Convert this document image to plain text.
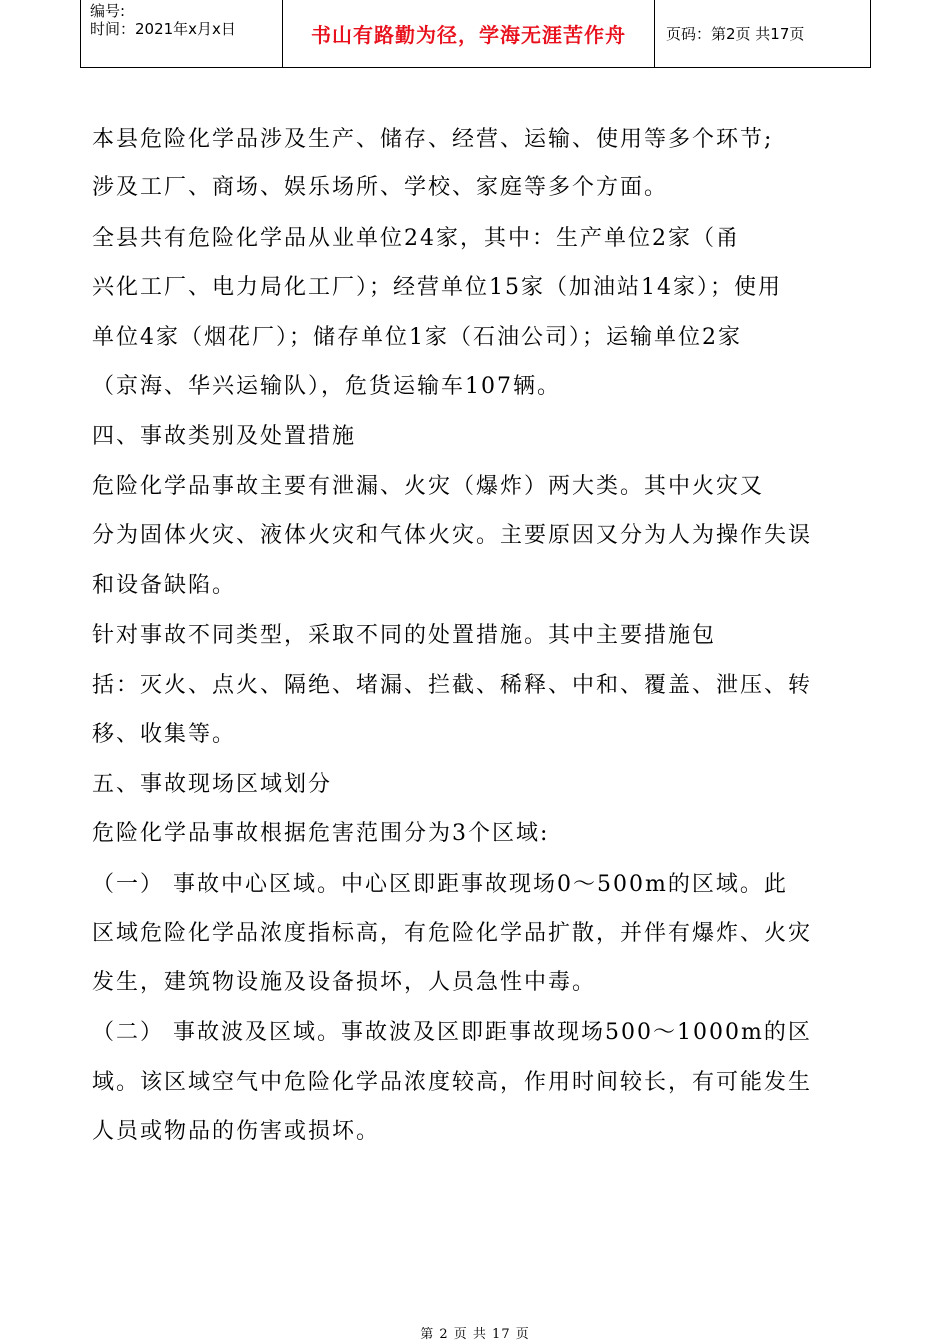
编号:
时间：2021年x月x日	书山有路勤为径，学海无涯苦作舟	页码：第2页 共17页
本县危险化学品涉及生产、储存、经营、运输、使用等多个环节;
涉及工厂、商场、娱乐场所、学校、家庭等多个方面。
全县共有危险化学品从业单位24家，其中：生产单位2家（甬
兴化工厂、电力局化工厂）；经营单位15家（加油站14家）；使用
单位4家（烟花厂）；储存单位1家（石油公司）；运输单位2家
（京海、华兴运输队），危货运输车107辆。
四、事故类别及处置措施
危险化学品事故主要有泄漏、火灾（爆炸）两大类。其中火灾又
分为固体火灾、液体火灾和气体火灾。主要原因又分为人为操作失误
和设备缺陷。
针对事故不同类型，采取不同的处置措施。其中主要措施包
括：灭火、点火、隔绝、堵漏、拦截、稀释、中和、覆盖、泄压、转
移、收集等。
五、事故现场区域划分
危险化学品事故根据危害范围分为3个区域:
（一） 事故中心区域。中心区即距事故现场0～500m的区域。此
区域危险化学品浓度指标高，有危险化学品扩散，并伴有爆炸、火灾
发生，建筑物设施及设备损坏，人员急性中毒。
（二） 事故波及区域。事故波及区即距事故现场500～1000m的区
域。该区域空气中危险化学品浓度较高，作用时间较长，有可能发生
人员或物品的伤害或损坏。
第 2 页 共 17 页
